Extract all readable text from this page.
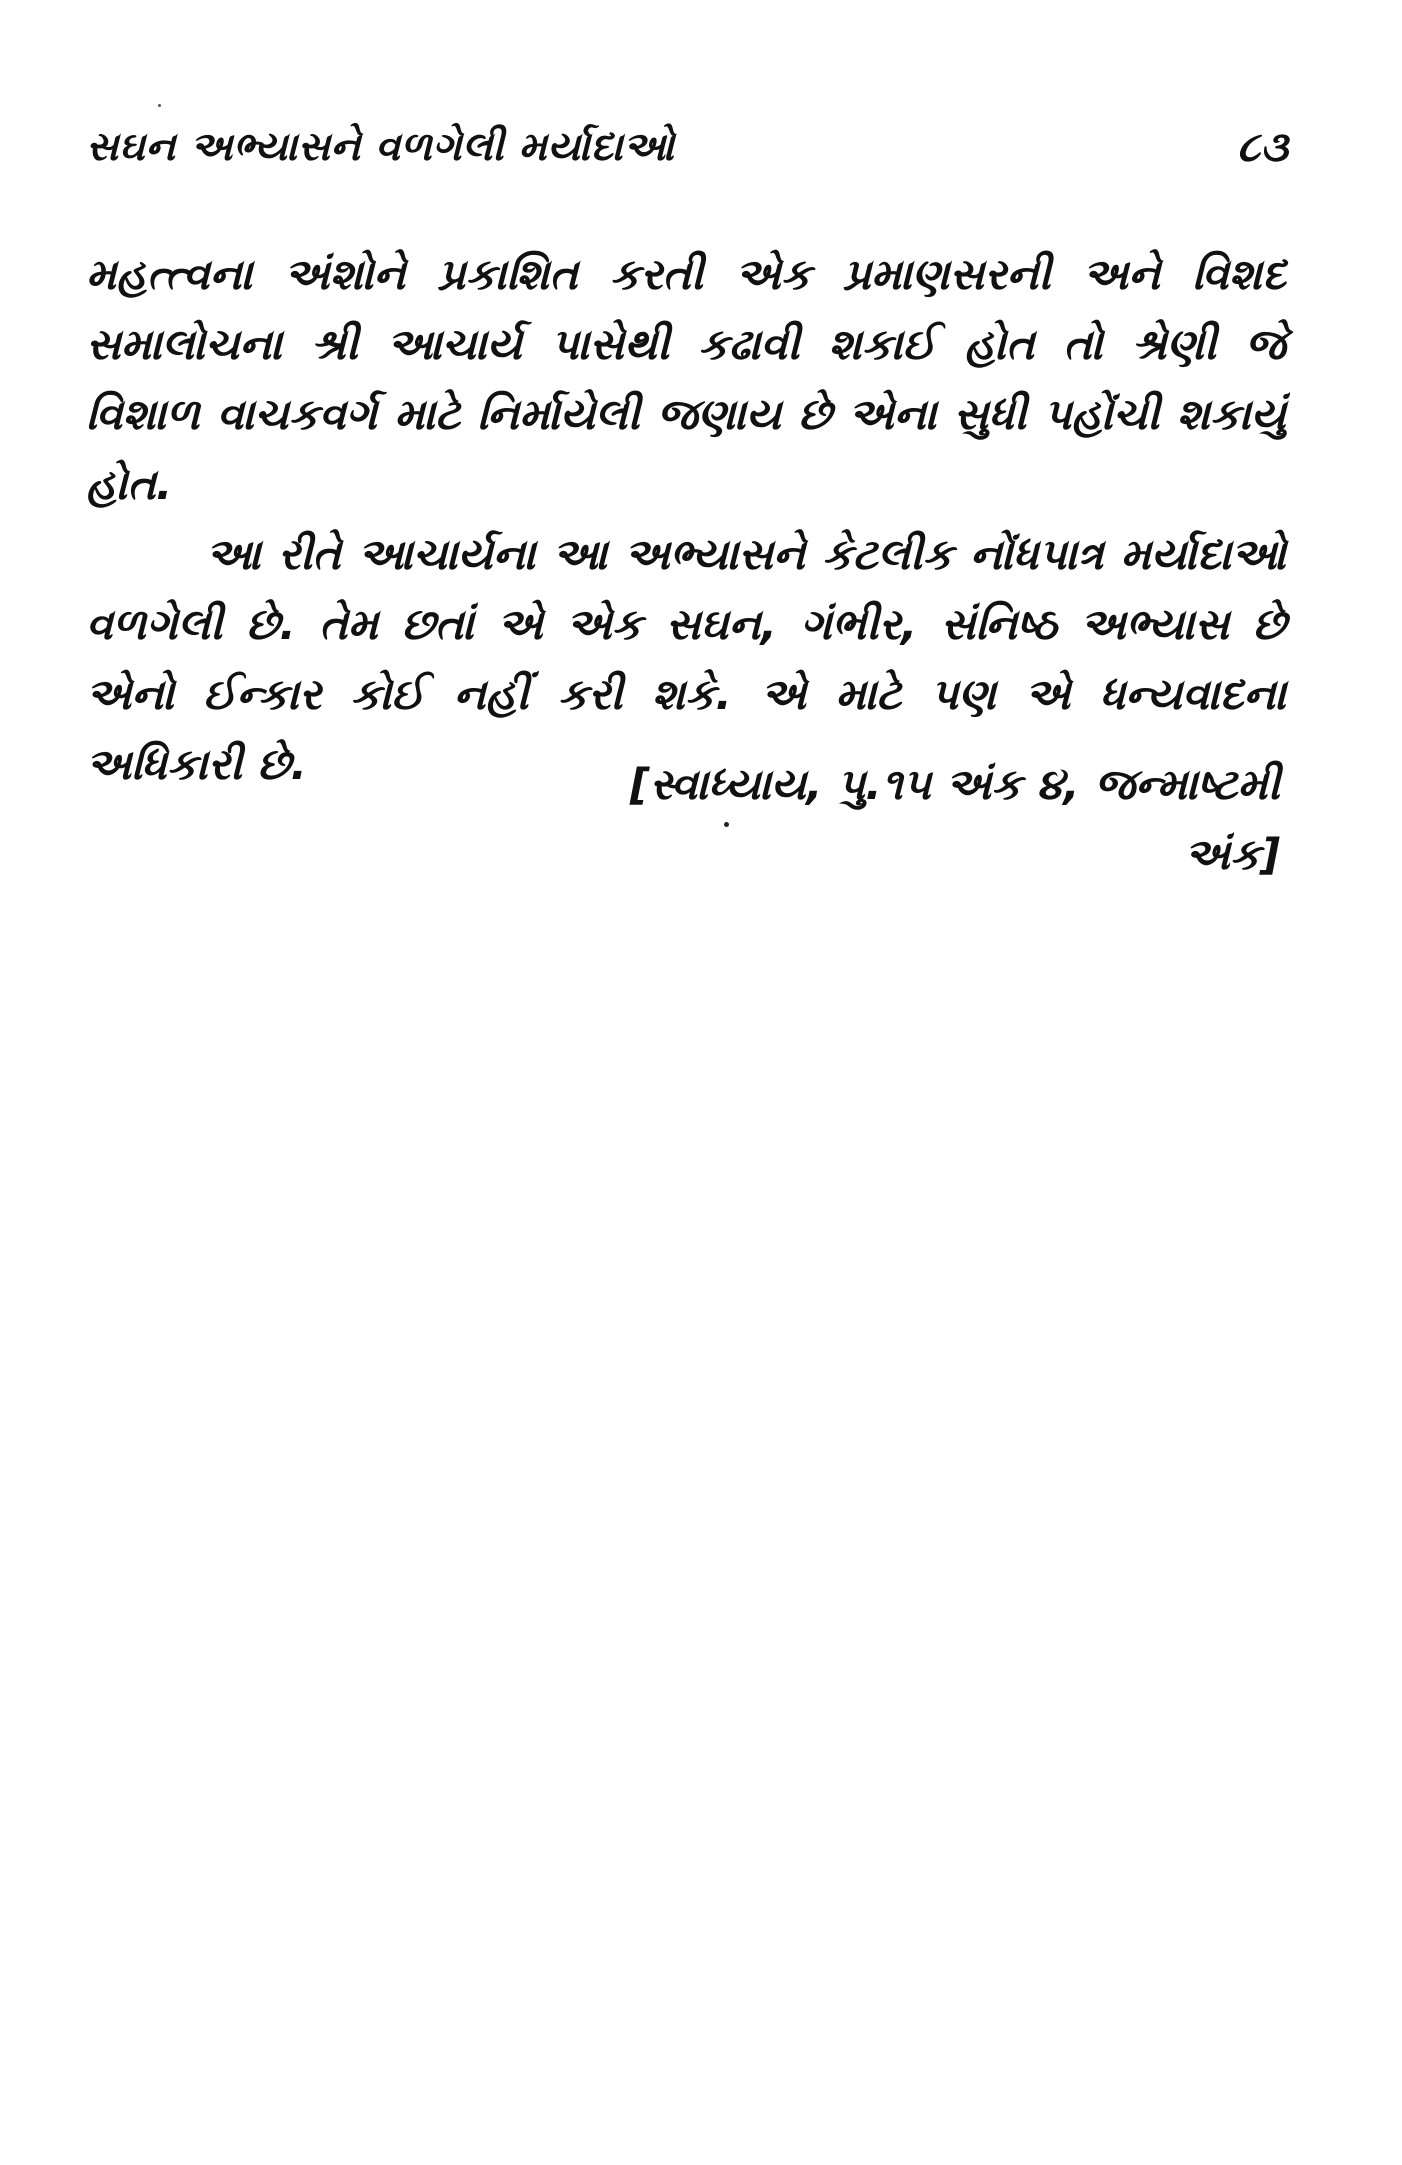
સઘન અભ્યાસને વળગેલી મર્યાદાઓ	૮૩

મહત્ત્વના અંશોને પ્રકાશિત કરતી એક પ્રમાણસરની અને વિશદ સમાલોચના શ્રી આચાર્ય પાસેથી કઢાવી શકાઈ હોત તો શ્રેણી જે વિશાળ વાચકવર્ગ માટે નિર્માયેલી જણાય છે એના સુધી પહોંચી શકાયું હોત.

આ રીતે આચાર્યના આ અભ્યાસને કેટલીક નોંધપાત્ર મર્યાદાઓ વળગેલી છે. તેમ છતાં એ એક સઘન, ગંભીર, સંનિષ્ઠ અભ્યાસ છે એનો ઈન્કાર કોઈ નહીં કરી શકે. એ માટે પણ એ ધન્યવાદના અધિકારી છે.	[સ્વાધ્યાય, પુ.૧૫ અંક ૪, જન્માષ્ટમી અંક]
